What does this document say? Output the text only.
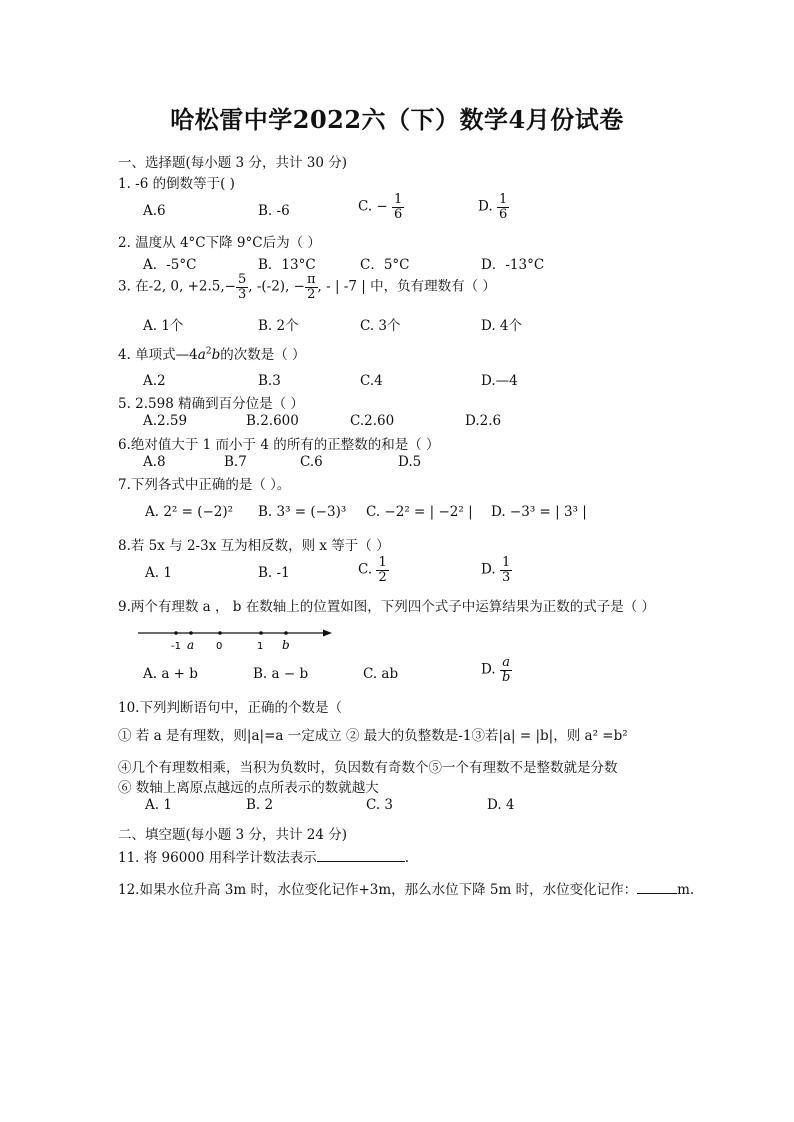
哈松雷中学2022六（下）数学4月份试卷
一、选择题(每小题 3 分，共计 30 分)
1. -6 的倒数等于( )
A.6	B. -6	C. − $\frac{1}{6}$	D. $\frac{1}{6}$
2. 温度从 4°C下降 9°C后为（ ）
A．-5°C	B．13°C	C．5°C	D．-13°C
3. 在-2, 0, $+2.5,- \frac{5}{3}$ , -(-2), − $\frac{\pi}{2}$ , - | -7 | 中，负有理数有（ ）
A. 1个	B. 2个	C. 3个	D. 4个
4. 单项式$—4a^2b$的次数是（ ）
A.2	B.3	C.4	D.—4
5. 2.598 精确到百分位是（ ）
A.2.59	B.2.600	C.2.60	D.2.6
6.绝对值大于 1 而小于 4 的所有的正整数的和是（ ）
A.8	B.7	C.6	D.5
7.下列各式中正确的是（ ）。
A. 2² = (−2)² B. 3³ = (−3)³ C. −2² = | −2² | D. −3³ = | 3³ |
8.若 5x 与 2-3x 互为相反数，则 x 等于（ ）
A. 1	B. -1	C. $\frac{1}{2}$	D. $\frac{1}{3}$
9.两个有理数 a ， b 在数轴上的位置如图，下列四个式子中运算结果为正数的式子是（ ）
-1 a 0	1 b
A. a + b	B. a − b	C. ab	D. $\frac{a}{b}$
10.下列判断语句中，正确的个数是（
① 若 a 是有理数，则|a|=a 一定成立 ② 最大的负整数是-1③若|a| = |b|，则 a² =b²
④几个有理数相乘，当积为负数时，负因数有奇数个⑤一个有理数不是整数就是分数
⑥ 数轴上离原点越远的点所表示的数就越大
A. 1	B. 2	C. 3	D. 4
二、填空题(每小题 3 分，共计 24 分)
11. 将 96000 用科学计数法表示	.
12.如果水位升高 3m 时，水位变化记作+3m，那么水位下降 5m 时，水位变化记作：	m.
